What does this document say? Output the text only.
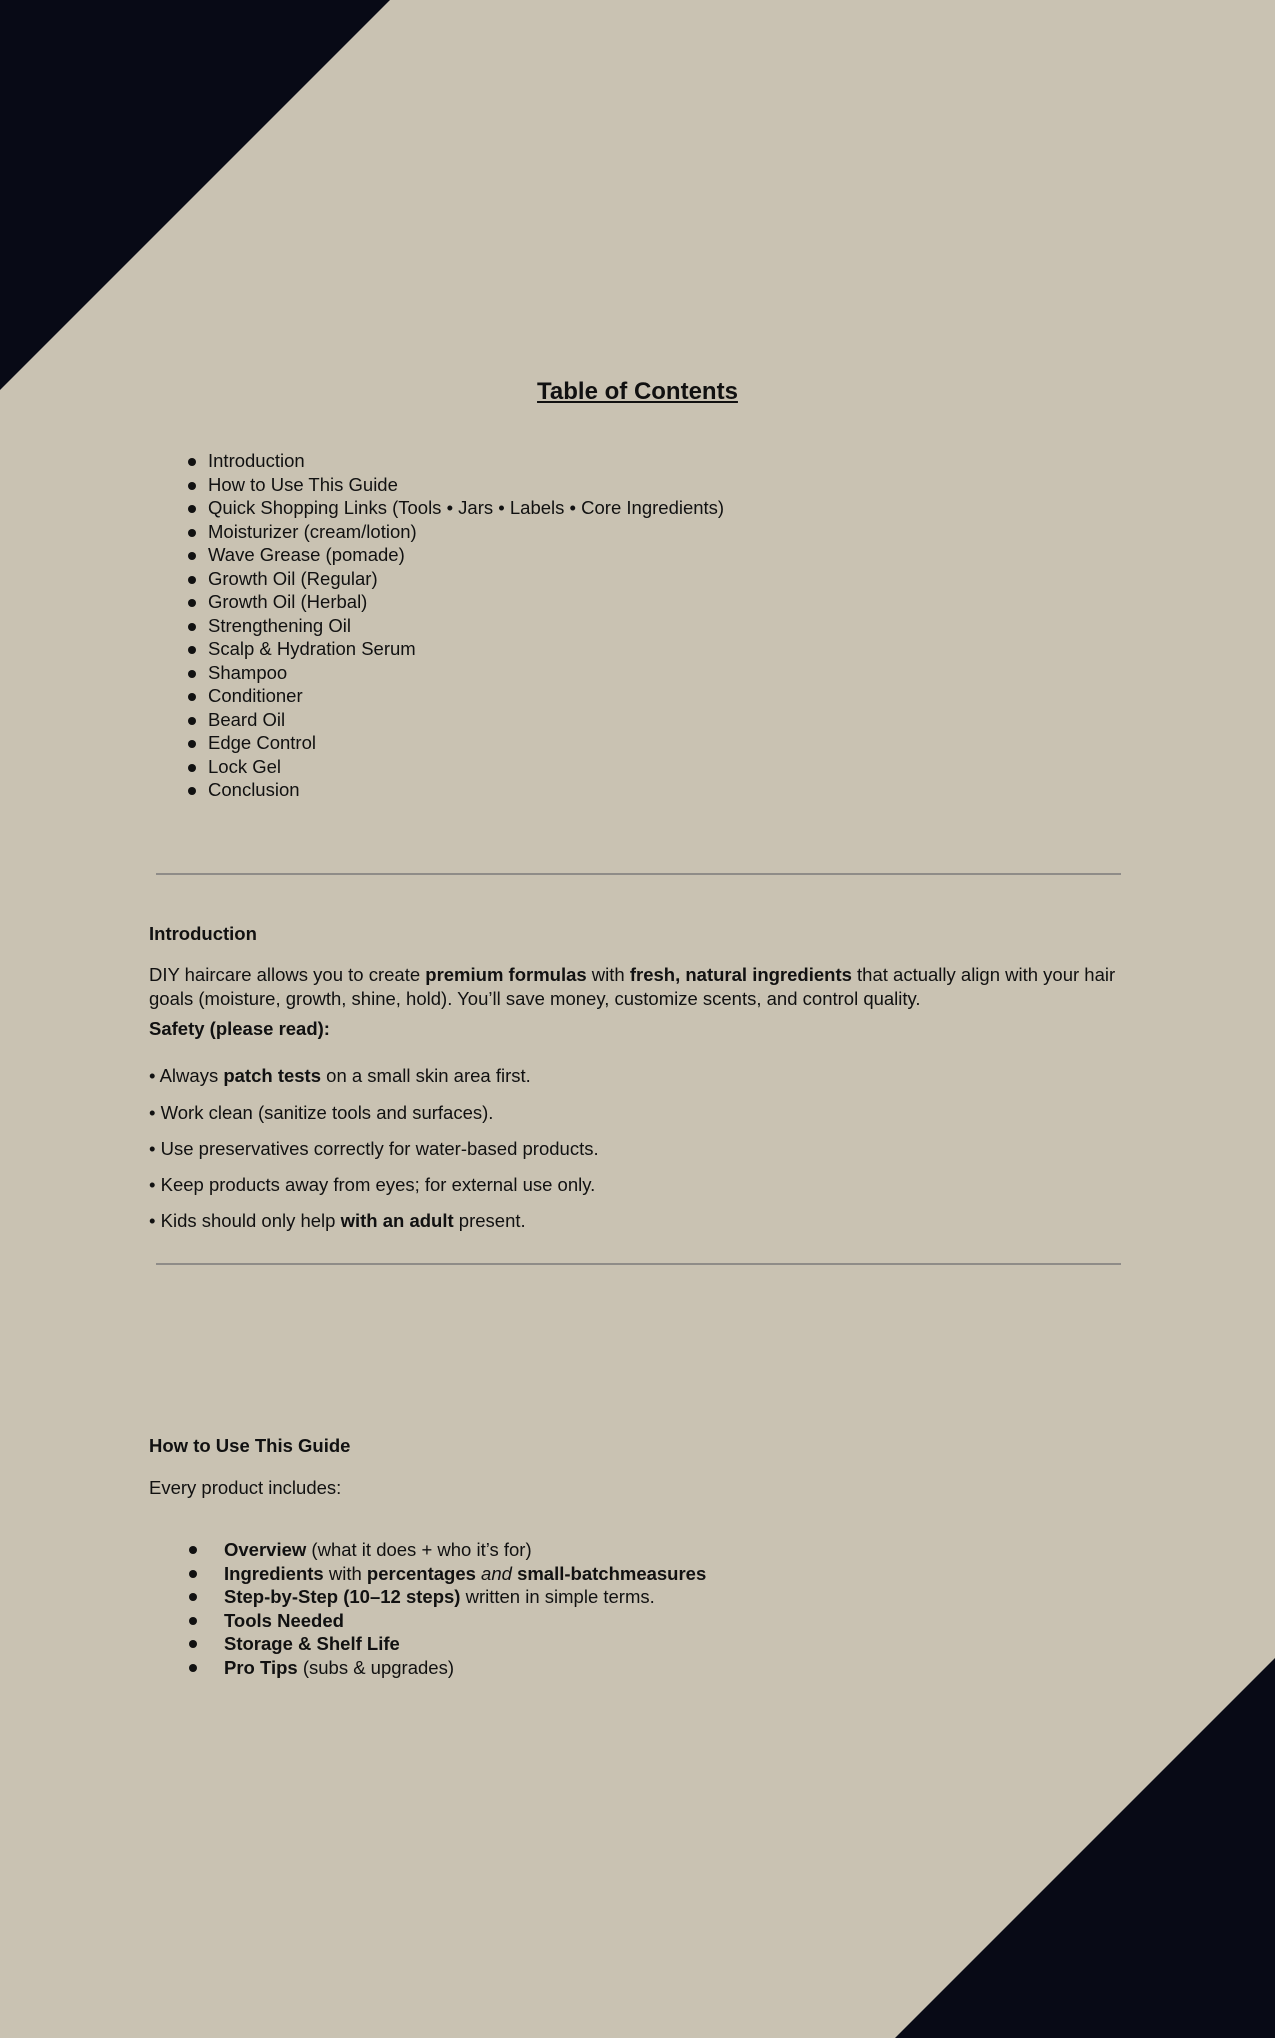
Table of Contents
Introduction
How to Use This Guide
Quick Shopping Links (Tools • Jars • Labels • Core Ingredients)
Moisturizer (cream/lotion)
Wave Grease (pomade)
Growth Oil (Regular)
Growth Oil (Herbal)
Strengthening Oil
Scalp & Hydration Serum
Shampoo
Conditioner
Beard Oil
Edge Control
Lock Gel
Conclusion
Introduction

DIY haircare allows you to create premium formulas with fresh, natural ingredients that actually align with your hair goals (moisture, growth, shine, hold). You’ll save money, customize scents, and control quality.

Safety (please read):

• Always patch tests on a small skin area first.

• Work clean (sanitize tools and surfaces).

• Use preservatives correctly for water-based products.

• Keep products away from eyes; for external use only.

• Kids should only help with an adult present.

How to Use This Guide

Every product includes:

Overview (what it does + who it’s for)
Ingredients with percentages and small-batchmeasures
Step-by-Step (10–12 steps) written in simple terms.
Tools Needed
Storage & Shelf Life
Pro Tips (subs & upgrades)
